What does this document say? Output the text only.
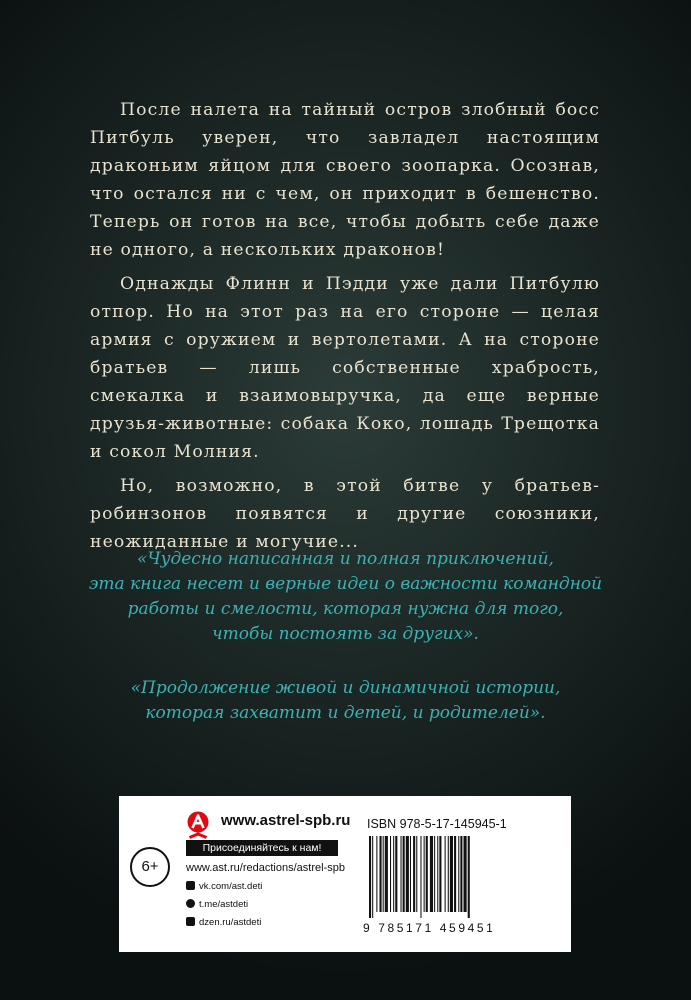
После налета на тайный остров злобный босс Питбуль уверен, что завладел настоящим драконьим яйцом для своего зоопарка. Осознав, что остался ни с чем, он приходит в бешенство. Теперь он готов на все, чтобы добыть себе даже не одного, а нескольких драконов!

Однажды Флинн и Пэдди уже дали Питбулю отпор. Но на этот раз на его стороне — целая армия с оружием и вертолетами. А на стороне братьев — лишь собственные храбрость, смекалка и взаимовыручка, да еще верные друзья-животные: собака Коко, лошадь Трещотка и сокол Молния.

Но, возможно, в этой битве у братьев-робинзонов появятся и другие союзники, неожиданные и могучие...

«Чудесно написанная и полная приключений,
эта книга несет и верные идеи о важности командной
работы и смелости, которая нужна для того,
чтобы постоять за других».
«Продолжение живой и динамичной истории,
которая захватит и детей, и родителей».
www.astrel-spb.ru
Присоединяйтесь к нам!
6+	www.ast.ru/redactions/astrel-spb
vk.com/ast.deti
t.me/astdeti
dzen.ru/astdeti
ISBN 978-5-17-145945-1
9 785171 459451
